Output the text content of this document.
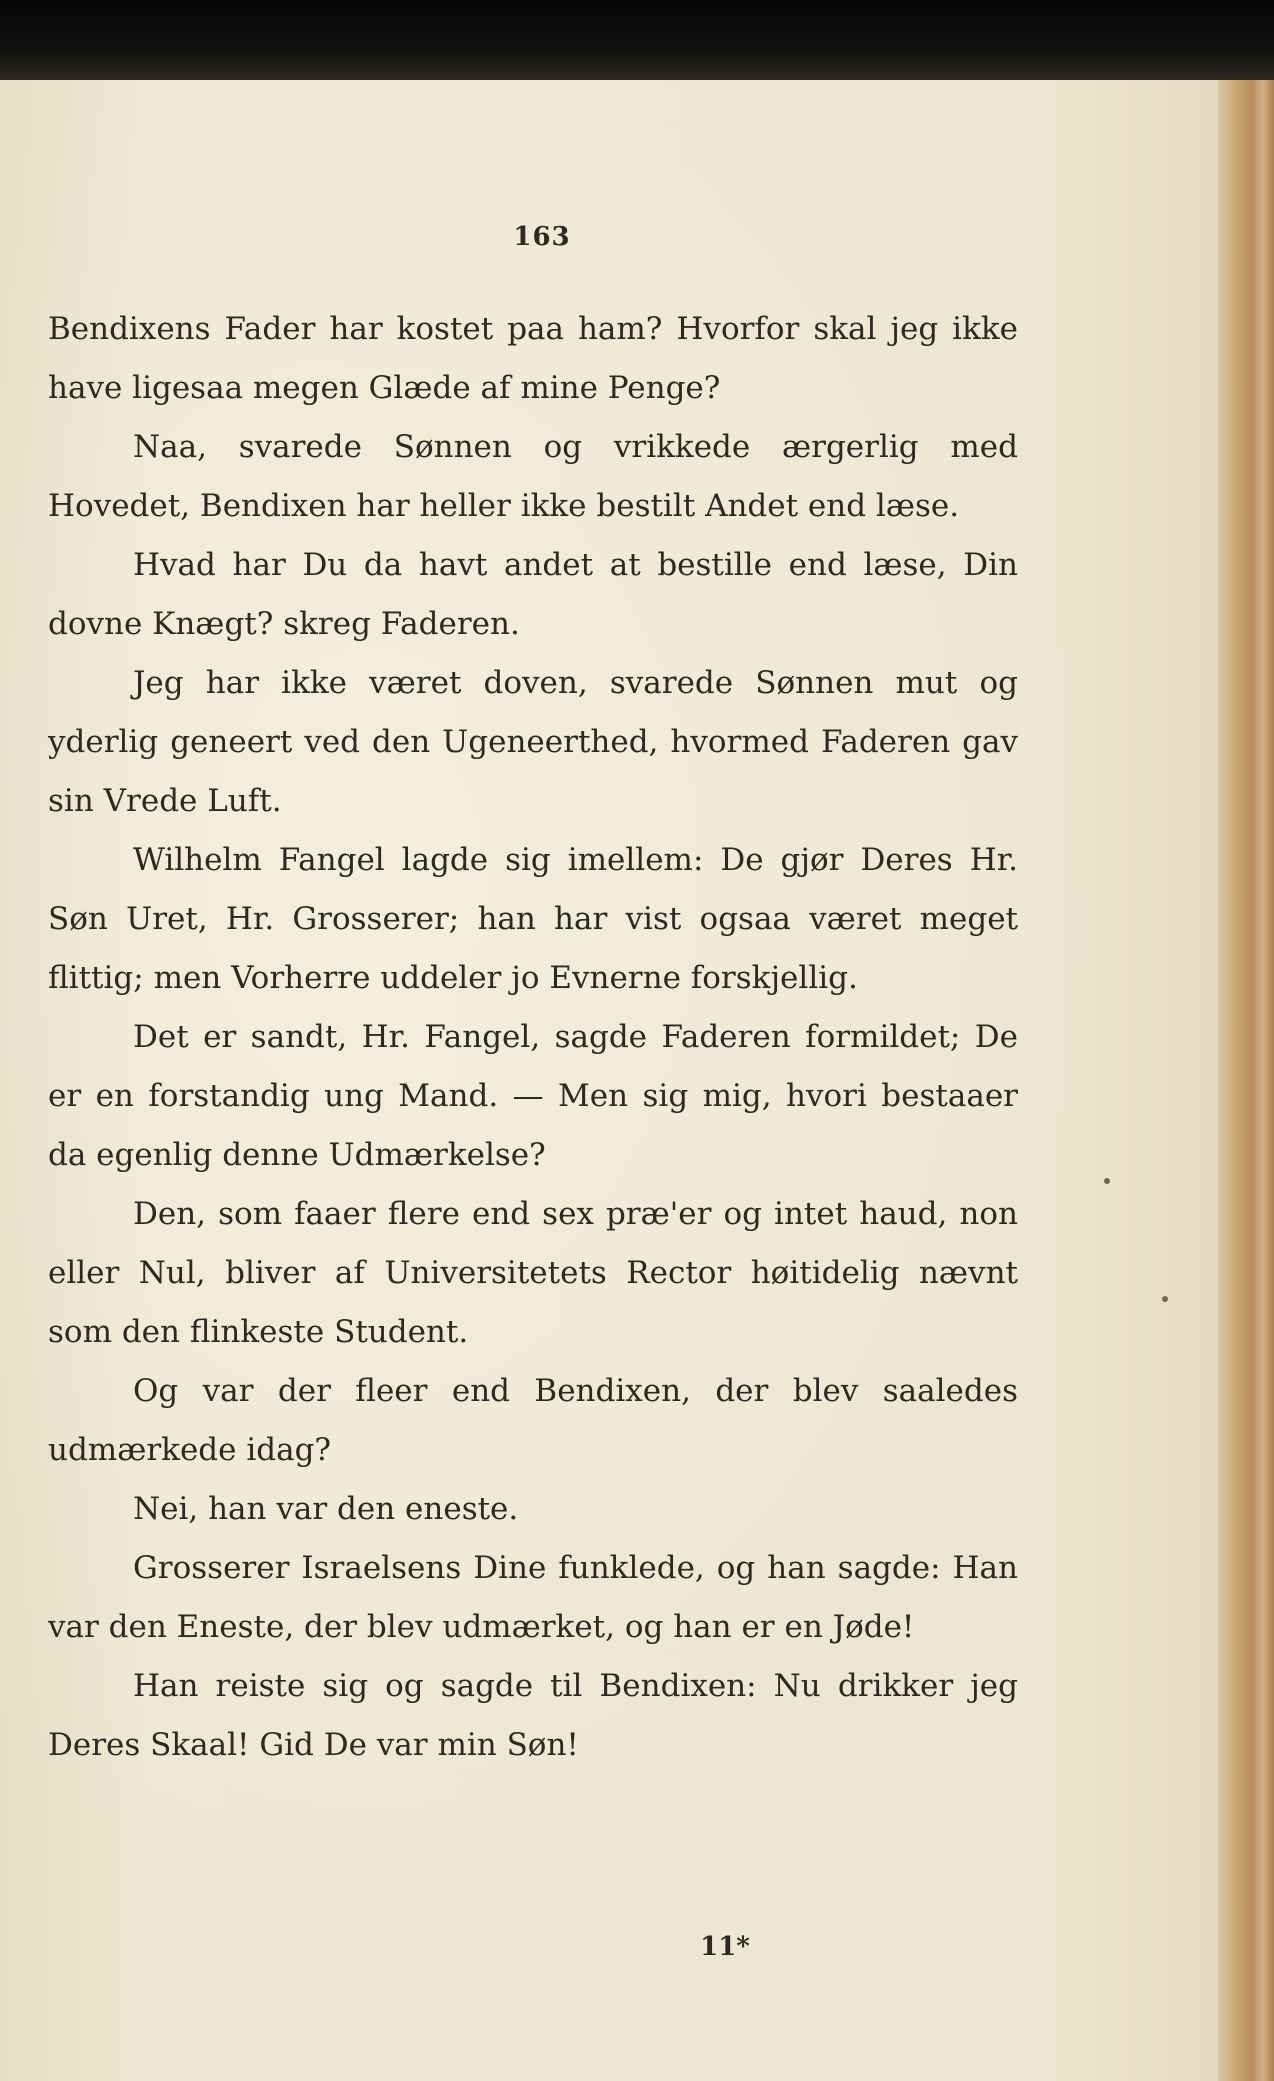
163

Bendixens Fader har kostet paa ham? Hvorfor skal jeg ikke have ligesaa megen Glæde af mine Penge?

Naa, svarede Sønnen og vrikkede ærgerlig med Hovedet, Bendixen har heller ikke bestilt Andet end læse.

Hvad har Du da havt andet at bestille end læse, Din dovne Knægt? skreg Faderen.

Jeg har ikke været doven, svarede Sønnen mut og yderlig geneert ved den Ugeneerthed, hvormed Faderen gav sin Vrede Luft.

Wilhelm Fangel lagde sig imellem: De gjør Deres Hr. Søn Uret, Hr. Grosserer; han har vist ogsaa været meget flittig; men Vorherre uddeler jo Evnerne forskjellig.

Det er sandt, Hr. Fangel, sagde Faderen formildet; De er en forstandig ung Mand. — Men sig mig, hvori bestaaer da egenlig denne Udmærkelse?

Den, som faaer flere end sex præ'er og intet haud, non eller Nul, bliver af Universitetets Rector høitidelig nævnt som den flinkeste Student.

Og var der fleer end Bendixen, der blev saaledes udmærkede idag?

Nei, han var den eneste.

Grosserer Israelsens Dine funklede, og han sagde: Han var den Eneste, der blev udmærket, og han er en Jøde!

Han reiste sig og sagde til Bendixen: Nu drikker jeg Deres Skaal! Gid De var min Søn!

11*
